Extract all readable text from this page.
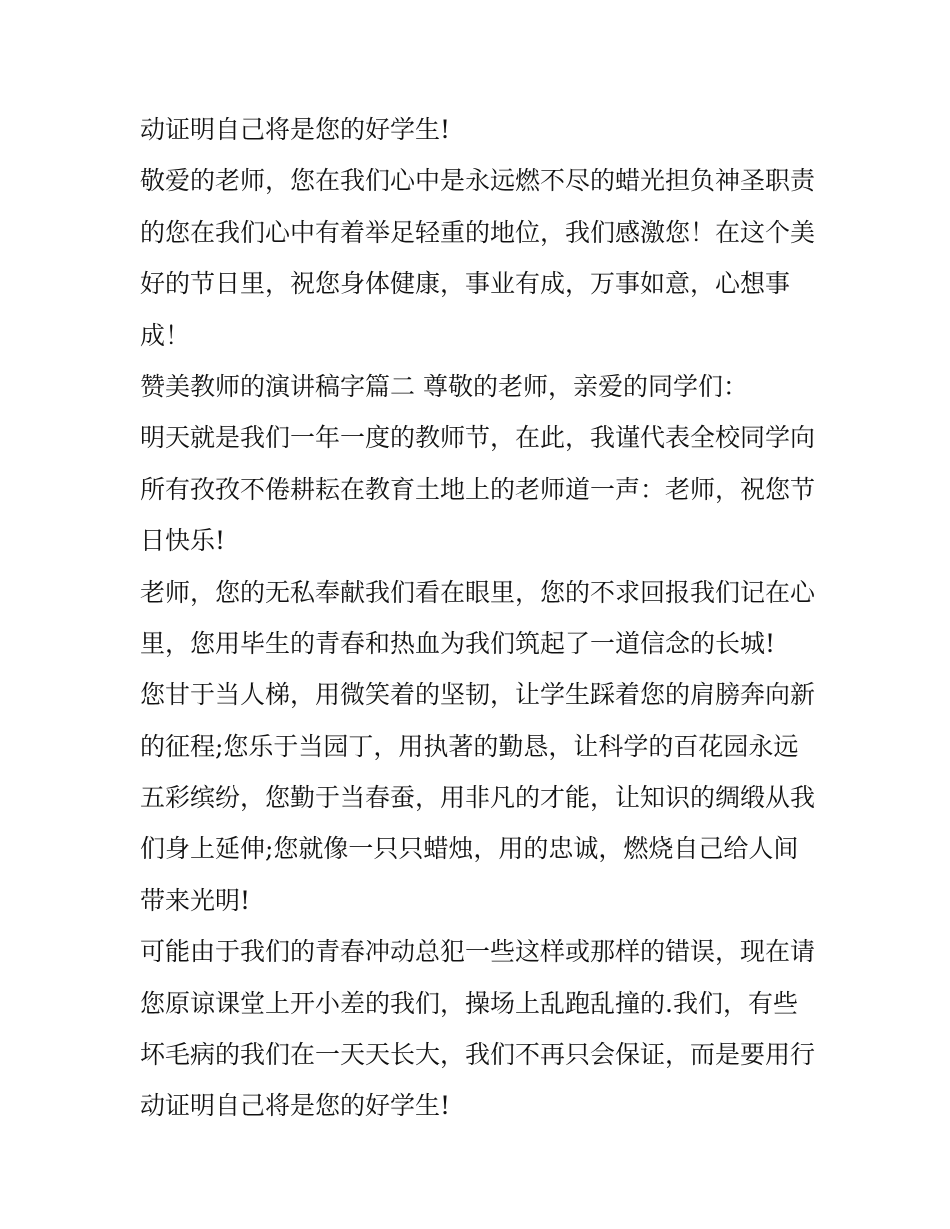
动证明自己将是您的好学生!
敬爱的老师，您在我们心中是永远燃不尽的蜡光担负神圣职责
的您在我们心中有着举足轻重的地位，我们感激您！在这个美
好的节日里，祝您身体健康，事业有成，万事如意，心想事
成！
赞美教师的演讲稿字篇二 尊敬的老师，亲爱的同学们：
明天就是我们一年一度的教师节，在此，我谨代表全校同学向
所有孜孜不倦耕耘在教育土地上的老师道一声：老师，祝您节
日快乐!
老师，您的无私奉献我们看在眼里，您的不求回报我们记在心
里，您用毕生的青春和热血为我们筑起了一道信念的长城!
您甘于当人梯，用微笑着的坚韧，让学生踩着您的肩膀奔向新
的征程;您乐于当园丁，用执著的勤恳，让科学的百花园永远
五彩缤纷，您勤于当春蚕，用非凡的才能，让知识的绸缎从我
们身上延伸;您就像一只只蜡烛，用的忠诚，燃烧自己给人间
带来光明!
可能由于我们的青春冲动总犯一些这样或那样的错误，现在请
您原谅课堂上开小差的我们，操场上乱跑乱撞的.我们，有些
坏毛病的我们在一天天长大，我们不再只会保证，而是要用行
动证明自己将是您的好学生!
